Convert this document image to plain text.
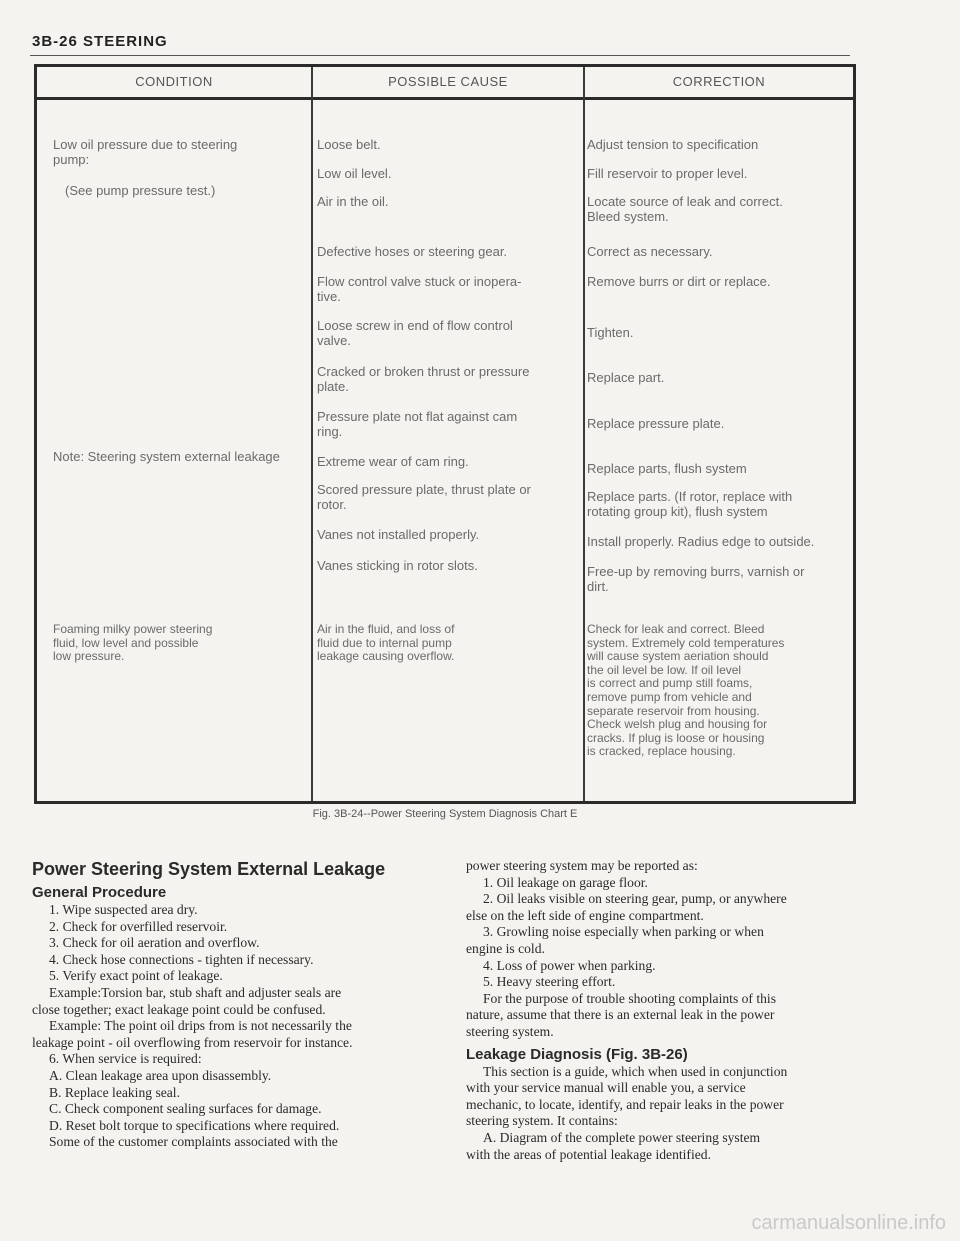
3B-26 STEERING
CONDITION	POSSIBLE CAUSE	CORRECTION
Low oil pressure due to steering
pump:
(See pump pressure test.)
Note: Steering system external leakage
Foaming milky power steering
fluid, low level and possible
low pressure.
Loose belt.
Low oil level.
Air in the oil.
Defective hoses or steering gear.
Flow control valve stuck or inopera-
tive.
Loose screw in end of flow control
valve.
Cracked or broken thrust or pressure
plate.
Pressure plate not flat against cam
ring.
Extreme wear of cam ring.
Scored pressure plate, thrust plate or
rotor.
Vanes not installed properly.
Vanes sticking in rotor slots.
Air in the fluid, and loss of
fluid due to internal pump
leakage causing overflow.
Adjust tension to specification
Fill reservoir to proper level.
Locate source of leak and correct.
Bleed system.
Correct as necessary.
Remove burrs or dirt or replace.
Tighten.
Replace part.
Replace pressure plate.
Replace parts, flush system
Replace parts. (If rotor, replace with
rotating group kit), flush system
Install properly. Radius edge to outside.
Free-up by removing burrs, varnish or
dirt.
Check for leak and correct. Bleed
system. Extremely cold temperatures
will cause system aeriation should
the oil level be low. If oil level
is correct and pump still foams,
remove pump from vehicle and
separate reservoir from housing.
Check welsh plug and housing for
cracks. If plug is loose or housing
is cracked, replace housing.
Fig. 3B-24--Power Steering System Diagnosis Chart E
Power Steering System External Leakage
General Procedure
1. Wipe suspected area dry.
2. Check for overfilled reservoir.
3. Check for oil aeration and overflow.
4. Check hose connections - tighten if necessary.
5. Verify exact point of leakage.
Example:Torsion bar, stub shaft and adjuster seals are
close together; exact leakage point could be confused.
Example: The point oil drips from is not necessarily the
leakage point - oil overflowing from reservoir for instance.
6. When service is required:
A. Clean leakage area upon disassembly.
B. Replace leaking seal.
C. Check component sealing surfaces for damage.
D. Reset bolt torque to specifications where required.
Some of the customer complaints associated with the
power steering system may be reported as:
1. Oil leakage on garage floor.
2. Oil leaks visible on steering gear, pump, or anywhere
else on the left side of engine compartment.
3. Growling noise especially when parking or when
engine is cold.
4. Loss of power when parking.
5. Heavy steering effort.
For the purpose of trouble shooting complaints of this
nature, assume that there is an external leak in the power
steering system.
Leakage Diagnosis (Fig. 3B-26)
This section is a guide, which when used in conjunction
with your service manual will enable you, a service
mechanic, to locate, identify, and repair leaks in the power
steering system. It contains:
A. Diagram of the complete power steering system
with the areas of potential leakage identified.
carmanualsonline.info
